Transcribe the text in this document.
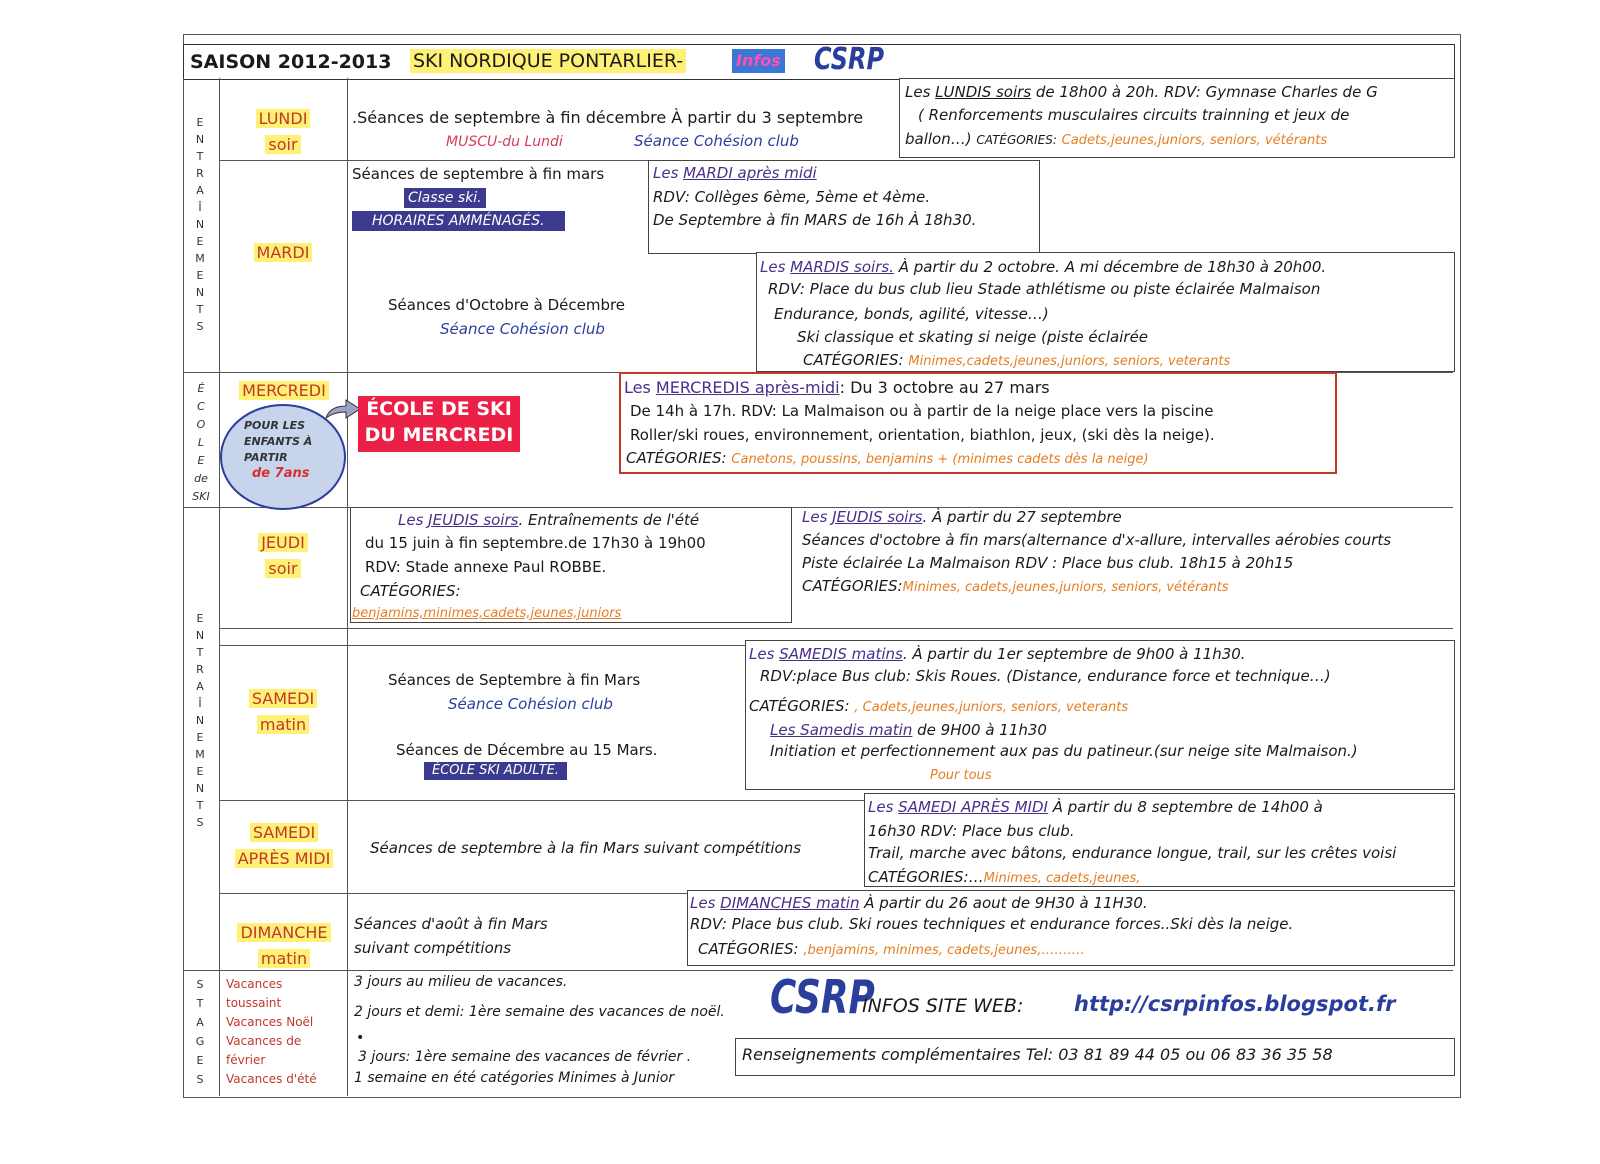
SAISON 2012-2013 SKI NORDIQUE PONTARLIER-	Infos CSRP
E
N
T
R
A
Î
N
E
M
E
N
T
S
É
C
O
L
E
de
SKI
E
N
T
R
A
Î
N
E
M
E
N
T
S
S
T
A
G
E
S
LUNDI
soir
MARDI
MERCREDI
JEUDI
soir
SAMEDI
matin
SAMEDI
APRÈS MIDI
DIMANCHE
matin
.Séances de septembre à fin décembre À partir du 3 septembre
MUSCU-du Lundi	Séance Cohésion club
Les LUNDIS soirs de 18h00 à 20h. RDV: Gymnase Charles de G
( Renforcements musculaires circuits trainning et jeux de
ballon…) CATÉGORIES: Cadets,jeunes,juniors, seniors, vétérants
Séances de septembre à fin mars
Classe ski.
HORAIRES AMMÉNAGÉS.
Les MARDI après midi
RDV: Collèges 6ème, 5ème et 4ème.
De Septembre à fin MARS de 16h À 18h30.
Séances d'Octobre à Décembre
Séance Cohésion club
Les MARDIS soirs. À partir du 2 octobre. A mi décembre de 18h30 à 20h00.
RDV: Place du bus club lieu Stade athlétisme ou piste éclairée Malmaison
Endurance, bonds, agilité, vitesse…)
Ski classique et skating si neige (piste éclairée
CATÉGORIES: Minimes,cadets,jeunes,juniors, seniors, veterants
POUR LES
ENFANTS À
PARTIR
de 7ans
ÉCOLE DE SKI
DU MERCREDI
Les MERCREDIS après-midi: Du 3 octobre au 27 mars
De 14h à 17h. RDV: La Malmaison ou à partir de la neige place vers la piscine
Roller/ski roues, environnement, orientation, biathlon, jeux, (ski dès la neige).
CATÉGORIES: Canetons, poussins, benjamins + (minimes cadets dès la neige)
Les JEUDIS soirs. Entraînements de l'été
du 15 juin à fin septembre.de 17h30 à 19h00
RDV: Stade annexe Paul ROBBE.
CATÉGORIES:
benjamins,minimes,cadets,jeunes,juniors
Les JEUDIS soirs. À partir du 27 septembre
Séances d'octobre à fin mars(alternance d'x-allure, intervalles aérobies courts
Piste éclairée La Malmaison RDV : Place bus club. 18h15 à 20h15
CATÉGORIES:Minimes, cadets,jeunes,juniors, seniors, vétérants
Séances de Septembre à fin Mars
Séance Cohésion club
Séances de Décembre au 15 Mars.
ÉCOLE SKI ADULTE.
Les SAMEDIS matins. À partir du 1er septembre de 9h00 à 11h30.
RDV:place Bus club: Skis Roues. (Distance, endurance force et technique…)
CATÉGORIES: , Cadets,jeunes,juniors, seniors, veterants
Les Samedis matin de 9H00 à 11h30
Initiation et perfectionnement aux pas du patineur.(sur neige site Malmaison.)
Pour tous
Séances de septembre à la fin Mars suivant compétitions
Les SAMEDI APRÈS MIDI À partir du 8 septembre de 14h00 à
16h30 RDV: Place bus club.
Trail, marche avec bâtons, endurance longue, trail, sur les crêtes voisi
CATÉGORIES:…Minimes, cadets,jeunes,
Séances d'août à fin Mars
suivant compétitions
Les DIMANCHES matin À partir du 26 aout de 9H30 à 11H30.
RDV: Place bus club. Ski roues techniques et endurance forces..Ski dès la neige.
CATÉGORIES: ,benjamins, minimes, cadets,jeunes,……….
Vacances
toussaint
Vacances Noël
Vacances de
février
Vacances d'été
3 jours au milieu de vacances.
2 jours et demi: 1ère semaine des vacances de noël.
•
3 jours: 1ère semaine des vacances de février .
1 semaine en été catégories Minimes à Junior
CSRP
INFOS SITE WEB: http://csrpinfos.blogspot.fr
Renseignements complémentaires Tel: 03 81 89 44 05 ou 06 83 36 35 58
